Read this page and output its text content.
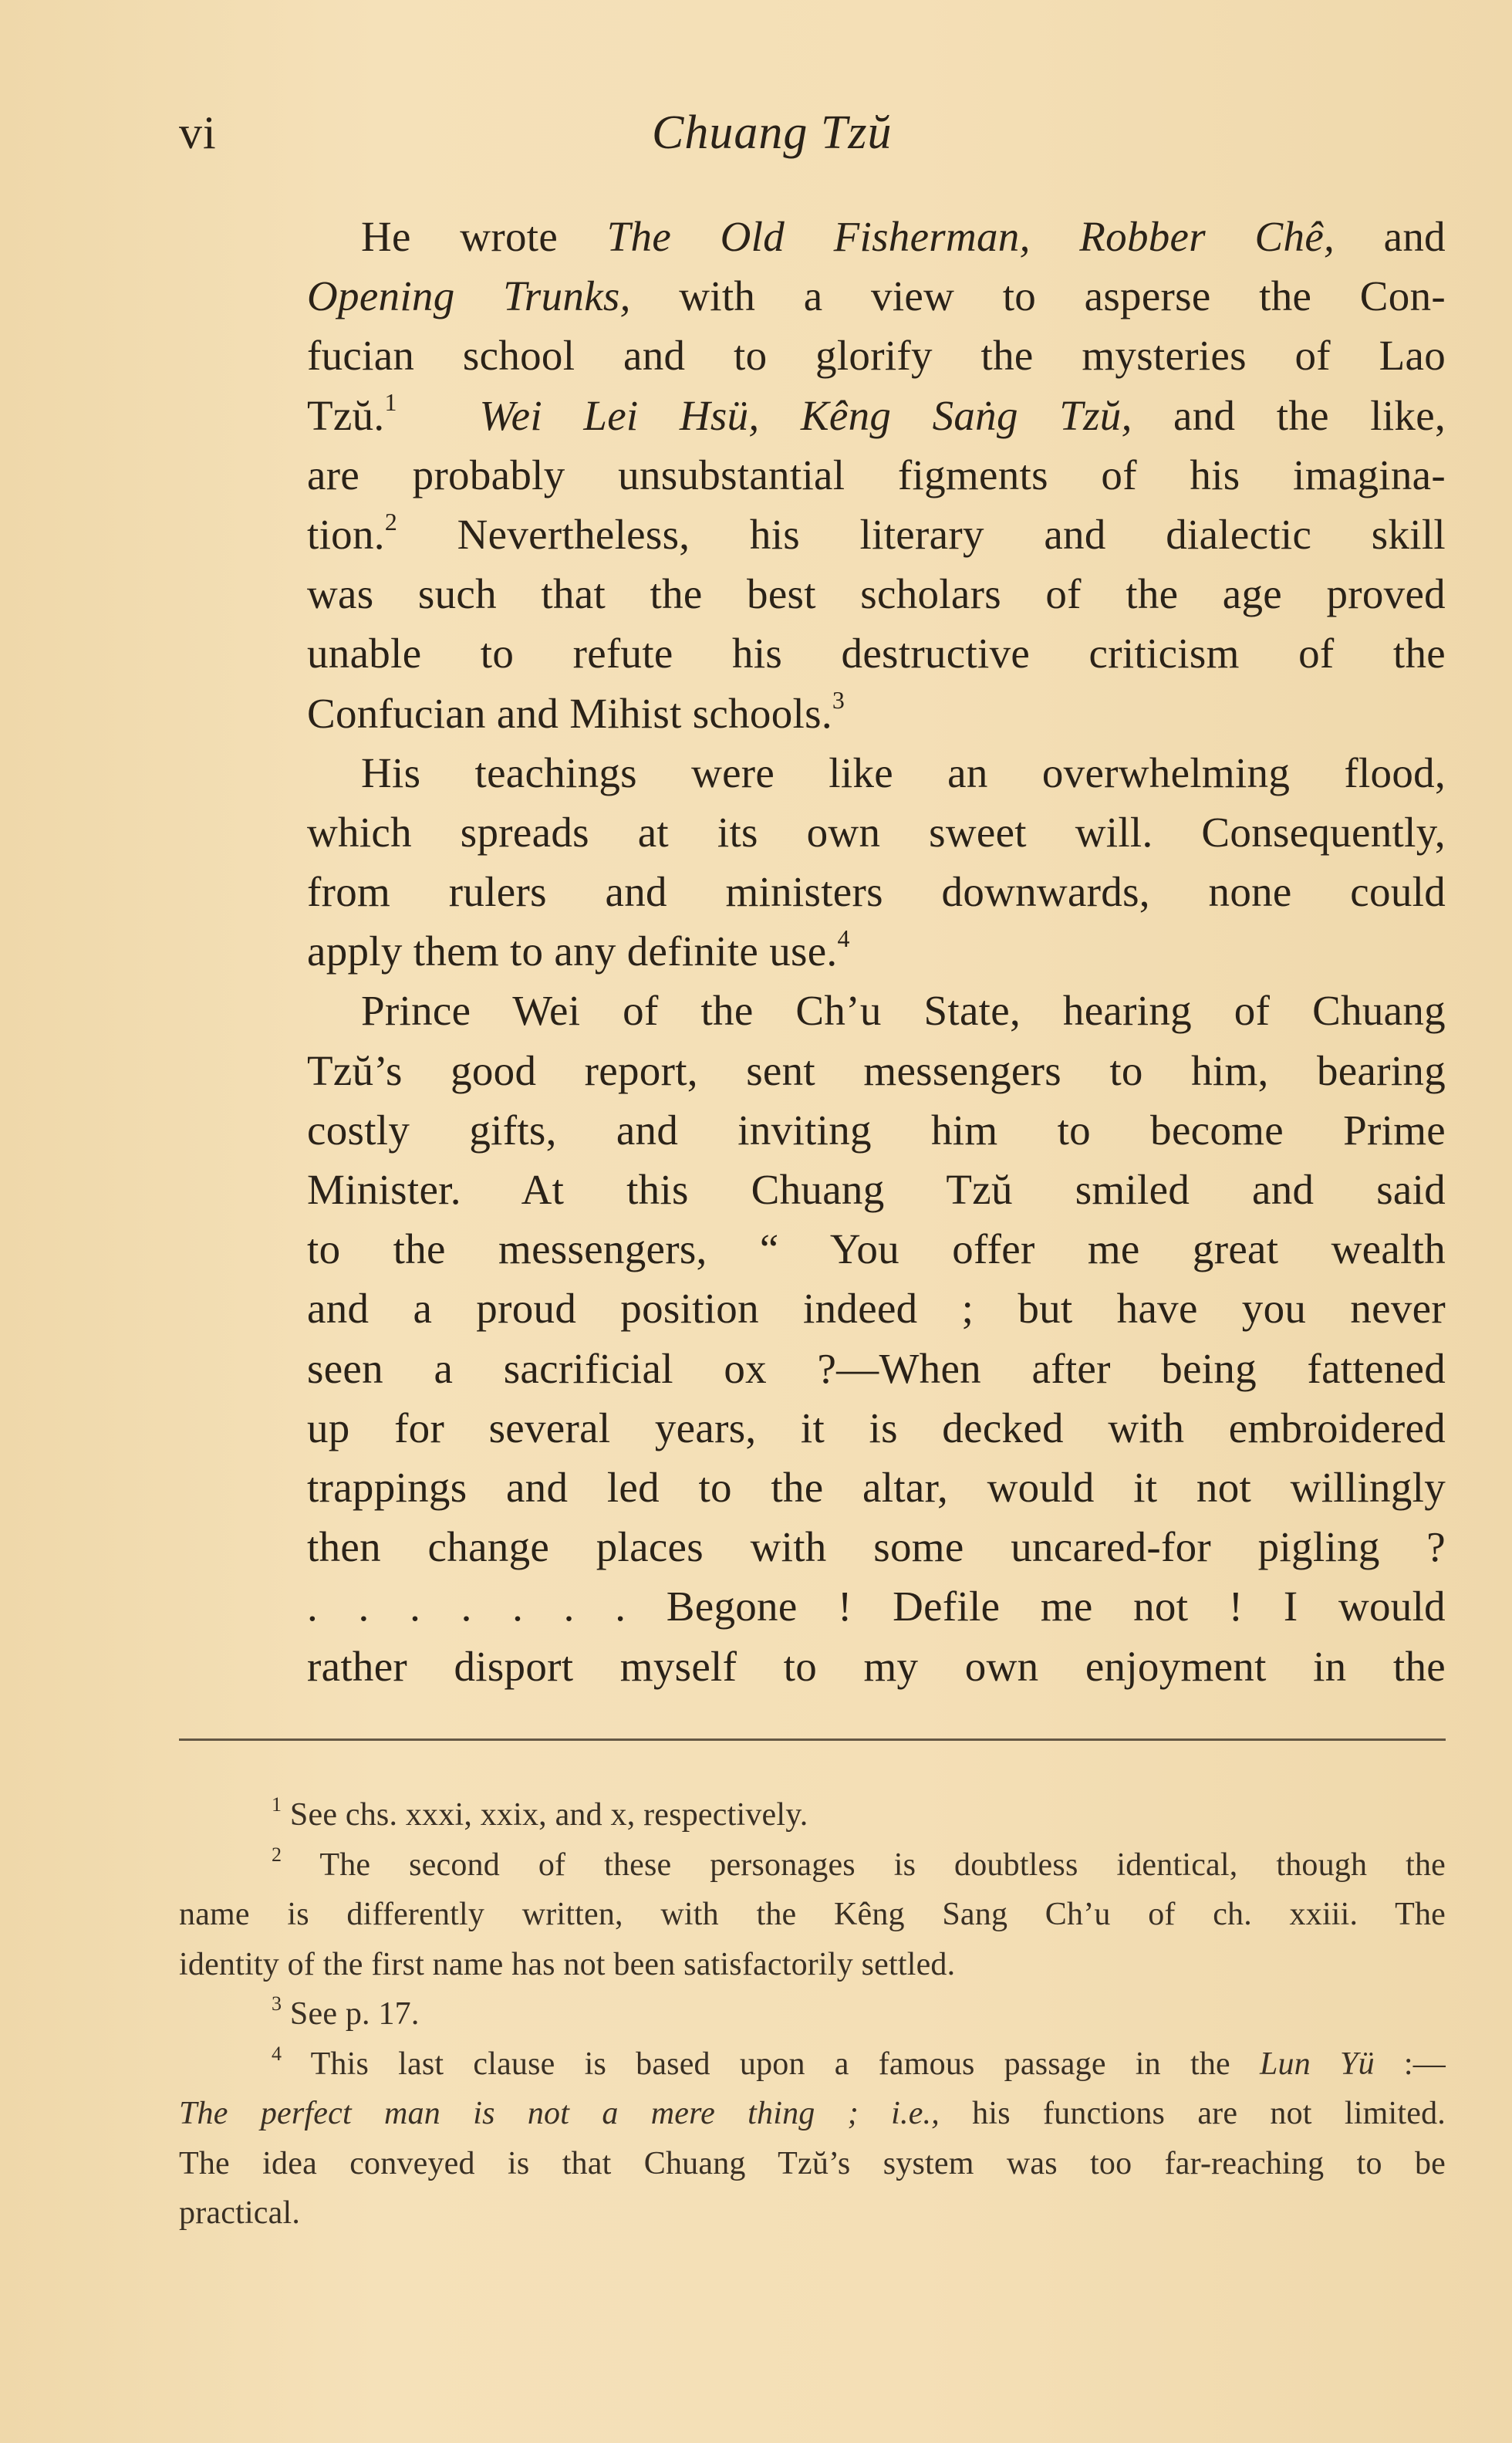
vi	Chuang Tzŭ
He wrote The Old Fisherman, Robber Chê, and
Opening Trunks, with a view to asperse the Con-
fucian school and to glorify the mysteries of Lao
Tzŭ.$^1$ Wei Lei Hsü, Kêng Saṅg Tzŭ, and the like,
are probably unsubstantial figments of his imagina-
tion.$^2$ Nevertheless, his literary and dialectic skill
was such that the best scholars of the age proved
unable to refute his destructive criticism of the
Confucian and Mihist schools.$^3$
His teachings were like an overwhelming flood,
which spreads at its own sweet will. Consequently,
from rulers and ministers downwards, none could
apply them to any definite use.$^4$
Prince Wei of the Ch’u State, hearing of Chuang
Tzŭ’s good report, sent messengers to him, bearing
costly gifts, and inviting him to become Prime
Minister. At this Chuang Tzŭ smiled and said
to the messengers, “ You offer me great wealth
and a proud position indeed ; but have you never
seen a sacrificial ox ?—When after being fattened
up for several years, it is decked with embroidered
trappings and led to the altar, would it not willingly
then change places with some uncared-for pigling ?
. . . . . . . Begone ! Defile me not ! I would
rather disport myself to my own enjoyment in the
$^1$ See chs. xxxi, xxix, and x, respectively.
$^2$ The second of these personages is doubtless identical, though the
name is differently written, with the Kêng Sang Ch’u of ch. xxiii. The
identity of the first name has not been satisfactorily settled.
$^3$ See p. 17.
$^4$ This last clause is based upon a famous passage in the Lun Yü :—
The perfect man is not a mere thing ; i.e., his functions are not limited.
The idea conveyed is that Chuang Tzŭ’s system was too far-reaching to be
practical.
